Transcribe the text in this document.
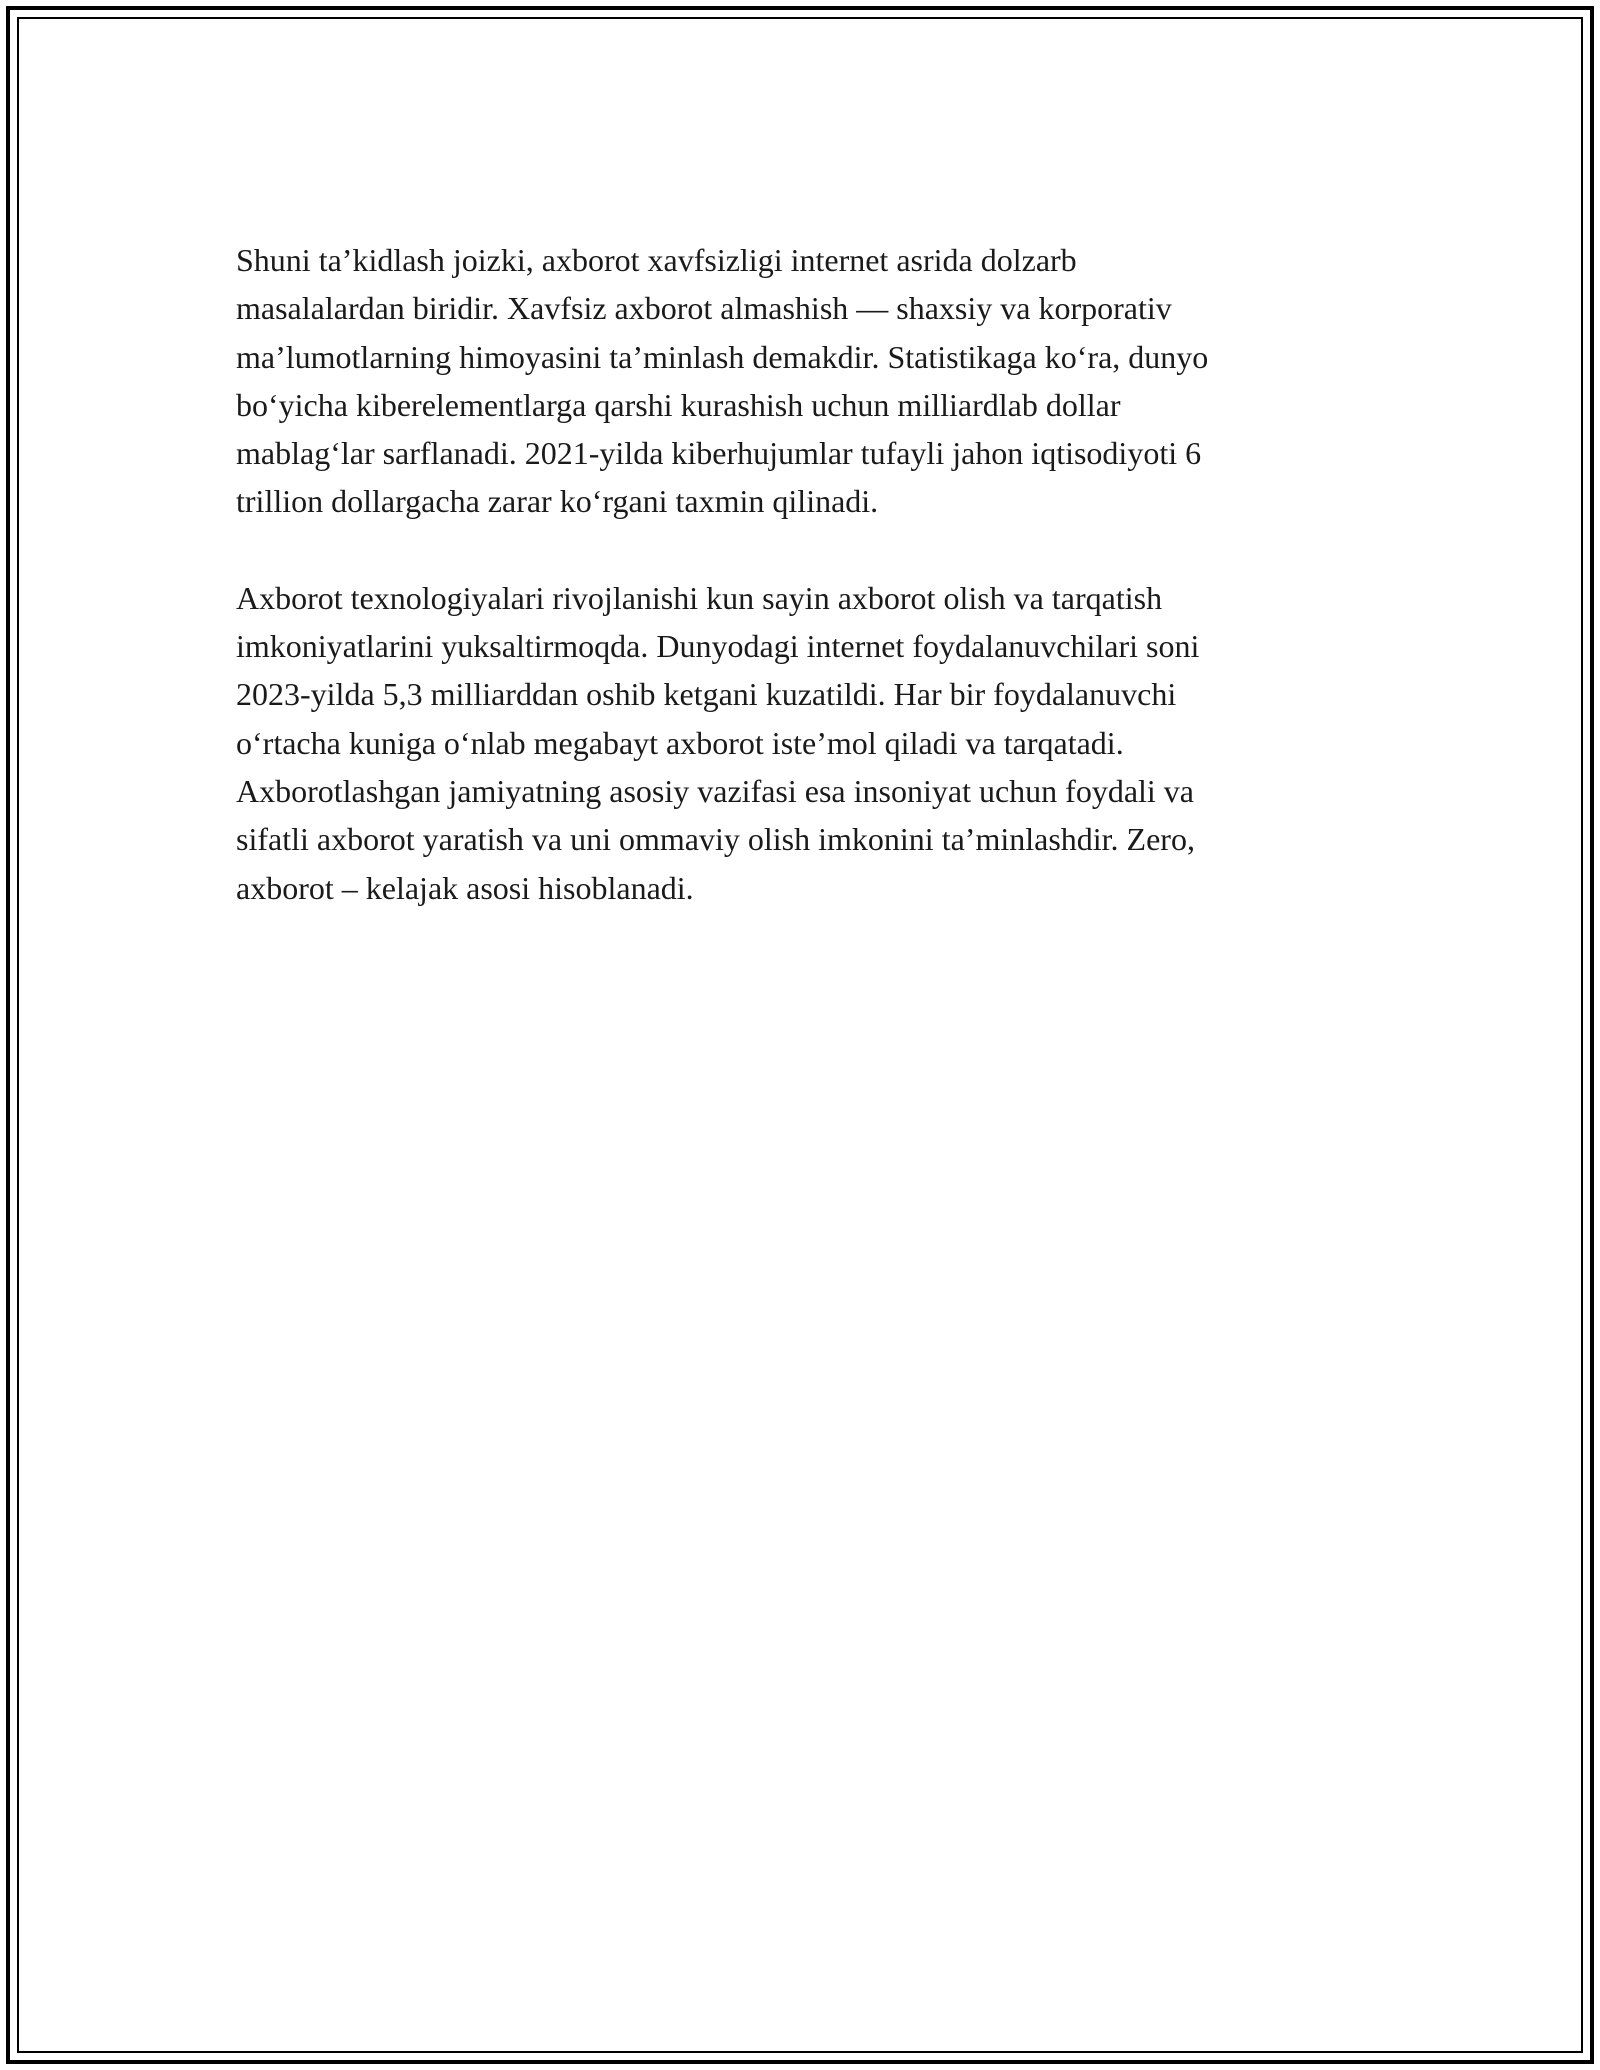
Shuni ta’kidlash joizki, axborot xavfsizligi internet asrida dolzarb
masalalardan biridir. Xavfsiz axborot almashish — shaxsiy va korporativ
ma’lumotlarning himoyasini ta’minlash demakdir. Statistikaga ko‘ra, dunyo
bo‘yicha kiberelementlarga qarshi kurashish uchun milliardlab dollar
mablag‘lar sarflanadi. 2021-yilda kiberhujumlar tufayli jahon iqtisodiyoti 6
trillion dollargacha zarar ko‘rgani taxmin qilinadi.

Axborot texnologiyalari rivojlanishi kun sayin axborot olish va tarqatish
imkoniyatlarini yuksaltirmoqda. Dunyodagi internet foydalanuvchilari soni
2023-yilda 5,3 milliarddan oshib ketgani kuzatildi. Har bir foydalanuvchi
o‘rtacha kuniga o‘nlab megabayt axborot iste’mol qiladi va tarqatadi.
Axborotlashgan jamiyatning asosiy vazifasi esa insoniyat uchun foydali va
sifatli axborot yaratish va uni ommaviy olish imkonini ta’minlashdir. Zero,
axborot – kelajak asosi hisoblanadi.
